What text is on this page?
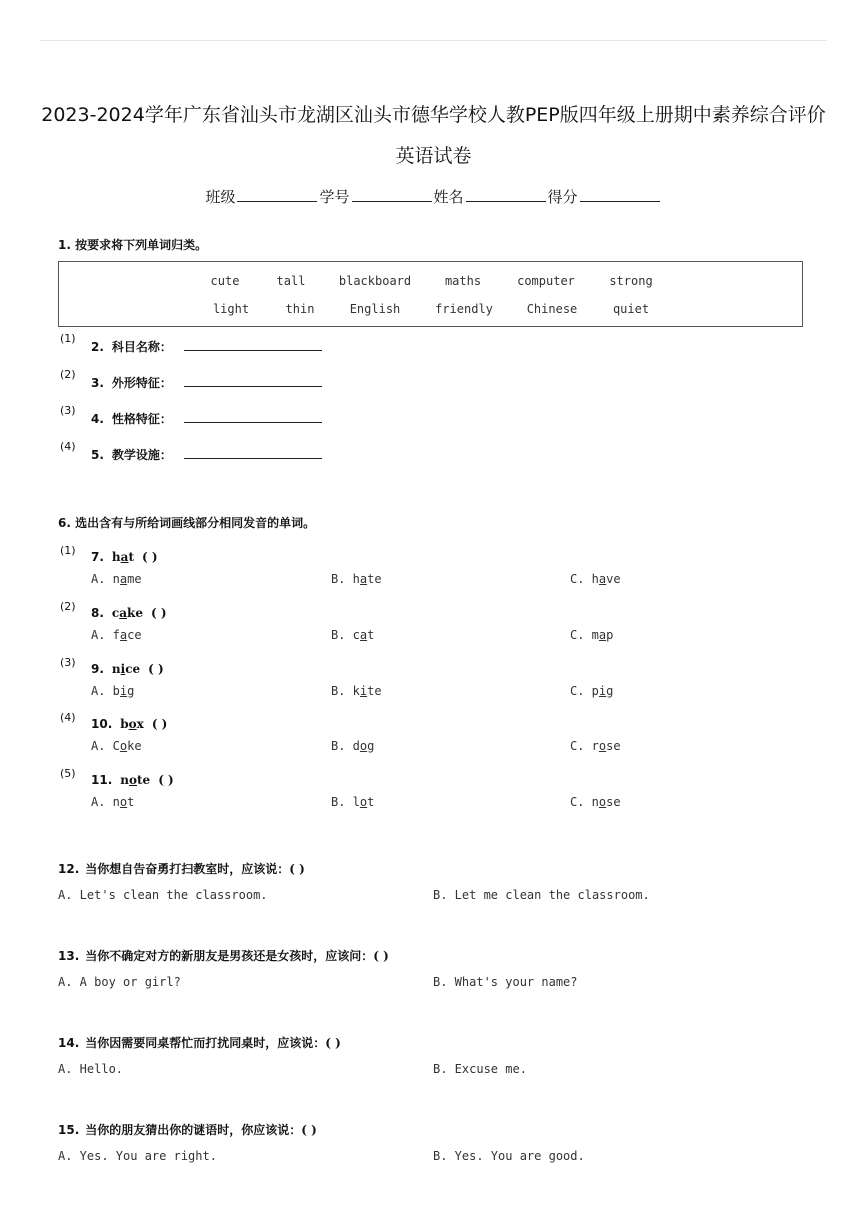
2023-2024学年广东省汕头市龙湖区汕头市德华学校人教PEP版四年级上册期中素养综合评价
英语试卷
班级	学号	姓名	得分
1. 按要求将下列单词归类。
cute	tall	blackboard	maths	computer	strong
light	thin	English	friendly	Chinese	quiet
(1)
2. 科目名称：
(2)
3. 外形特征：
(3)
4. 性格特征：
(4)
5. 教学设施：
6. 选出含有与所给词画线部分相同发音的单词。
(1) 7. hat ( )
A. name	B. hate	C. have
(2) 8. cake ( )
A. face	B. cat	C. map
(3) 9. nice ( )
A. big	B. kite	C. pig
(4) 10. box ( )
A. Coke	B. dog	C. rose
(5) 11. note ( )
A. not	B. lot	C. nose
12. 当你想自告奋勇打扫教室时，应该说：( )
A. Let's clean the classroom.	B. Let me clean the classroom.
13. 当你不确定对方的新朋友是男孩还是女孩时，应该问：( )
A. A boy or girl?	B. What's your name?
14. 当你因需要同桌帮忙而打扰同桌时，应该说：( )
A. Hello.	B. Excuse me.
15. 当你的朋友猜出你的谜语时，你应该说：( )
A. Yes. You are right.	B. Yes. You are good.
